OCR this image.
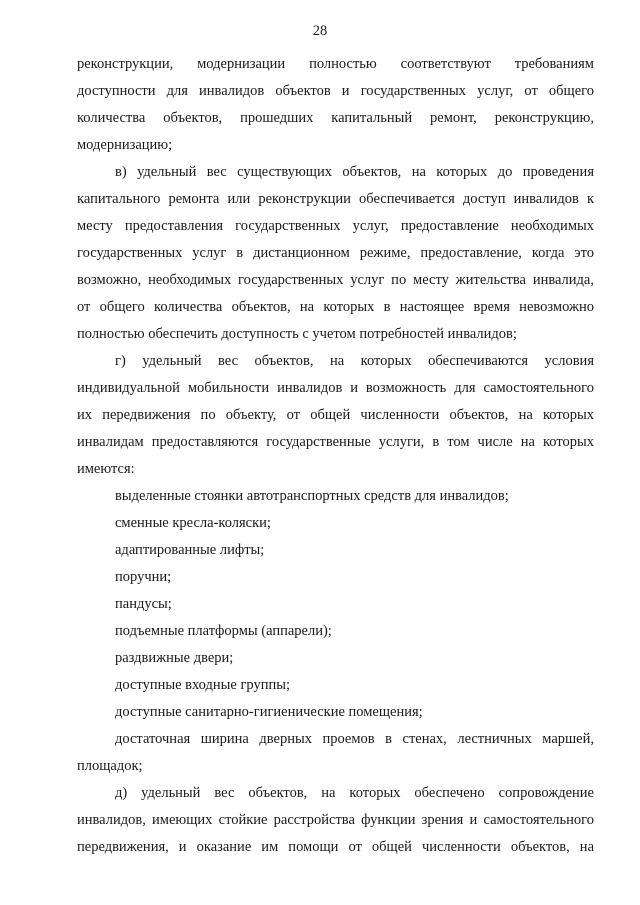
28
реконструкции, модернизации полностью соответствуют требованиям
доступности для инвалидов объектов и государственных услуг, от общего
количества объектов, прошедших капитальный ремонт, реконструкцию,
модернизацию;
в) удельный вес существующих объектов, на которых до проведения
капитального ремонта или реконструкции обеспечивается доступ инвалидов к
месту предоставления государственных услуг, предоставление необходимых
государственных услуг в дистанционном режиме, предоставление, когда это
возможно, необходимых государственных услуг по месту жительства инвалида,
от общего количества объектов, на которых в настоящее время невозможно
полностью обеспечить доступность с учетом потребностей инвалидов;
г) удельный вес объектов, на которых обеспечиваются условия
индивидуальной мобильности инвалидов и возможность для самостоятельного
их передвижения по объекту, от общей численности объектов, на которых
инвалидам предоставляются государственные услуги, в том числе на которых
имеются:
выделенные стоянки автотранспортных средств для инвалидов;
сменные кресла-коляски;
адаптированные лифты;
поручни;
пандусы;
подъемные платформы (аппарели);
раздвижные двери;
доступные входные группы;
доступные санитарно-гигиенические помещения;
достаточная ширина дверных проемов в стенах, лестничных маршей,
площадок;
д) удельный вес объектов, на которых обеспечено сопровождение
инвалидов, имеющих стойкие расстройства функции зрения и самостоятельного
передвижения, и оказание им помощи от общей численности объектов, на
